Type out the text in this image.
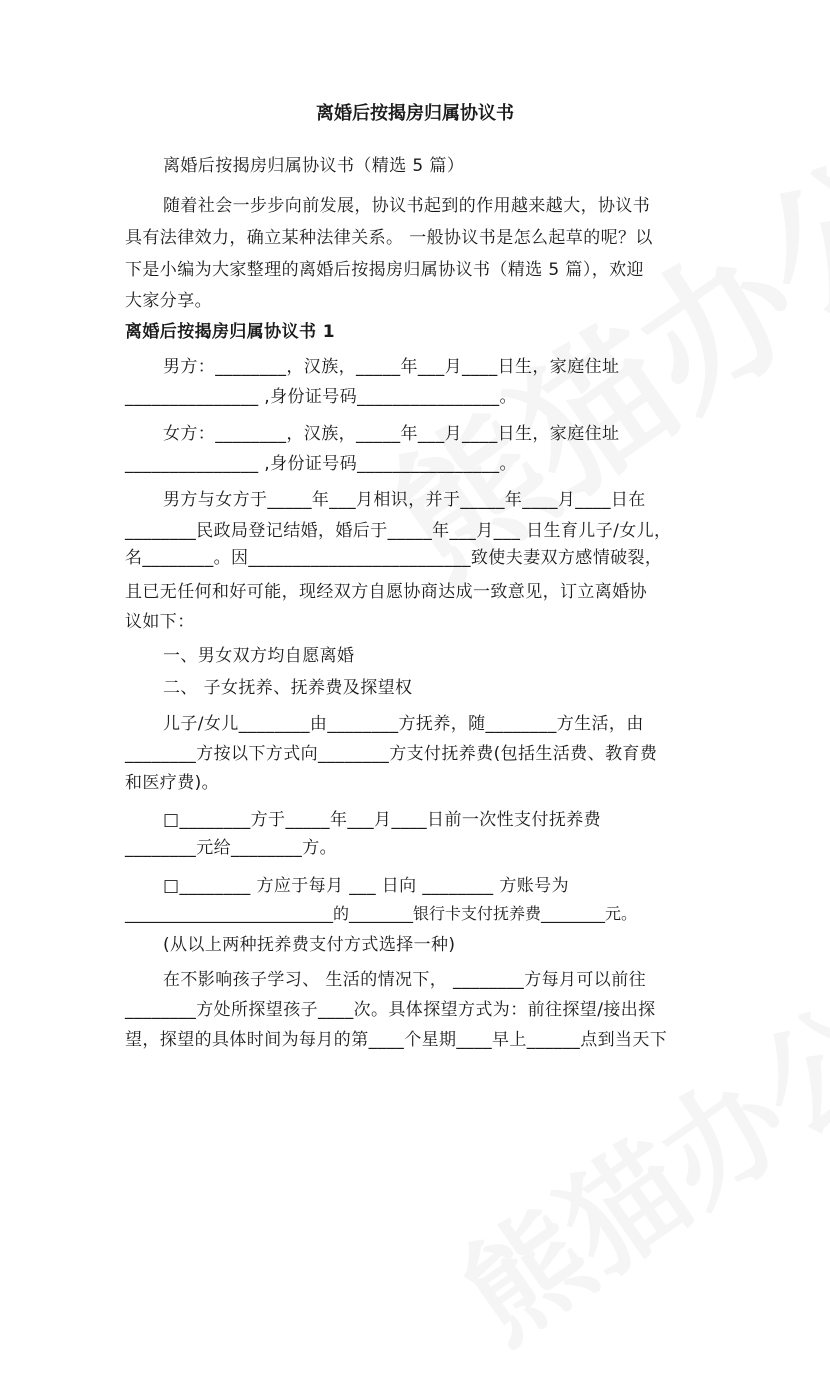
离婚后按揭房归属协议书
离婚后按揭房归属协议书（精选 5 篇）
随着社会一步步向前发展，协议书起到的作用越来越大，协议书
具有法律效力，确立某种法律关系。 一般协议书是怎么起草的呢？以
下是小编为大家整理的离婚后按揭房归属协议书（精选 5 篇），欢迎
大家分享。
离婚后按揭房归属协议书 1
男方：________，汉族，_____年___月____日生，家庭住址
_______________ ,身份证号码________________。
女方：________，汉族，_____年___月____日生，家庭住址
_______________ ,身份证号码________________。
男方与女方于_____年___月相识，并于_____年____月____日在
________民政局登记结婚，婚后于_____年___月___ 日生育儿子/女儿，
名________。因_________________________致使夫妻双方感情破裂，
且已无任何和好可能，现经双方自愿协商达成一致意见，订立离婚协
议如下：
一、男女双方均自愿离婚
二、 子女抚养、抚养费及探望权
儿子/女儿________由________方抚养，随________方生活，由
________方按以下方式向________方支付抚养费(包括生活费、教育费
和医疗费)。
□________方于_____年___月____日前一次性支付抚养费
________元给________方。
□________ 方应于每月 ___ 日向 ________ 方账号为
__________________________的________银行卡支付抚养费________元。
(从以上两种抚养费支付方式选择一种)
在不影响孩子学习、 生活的情况下， ________方每月可以前往
________方处所探望孩子____次。具体探望方式为：前往探望/接出探
望，探望的具体时间为每月的第____个星期____早上______点到当天下
